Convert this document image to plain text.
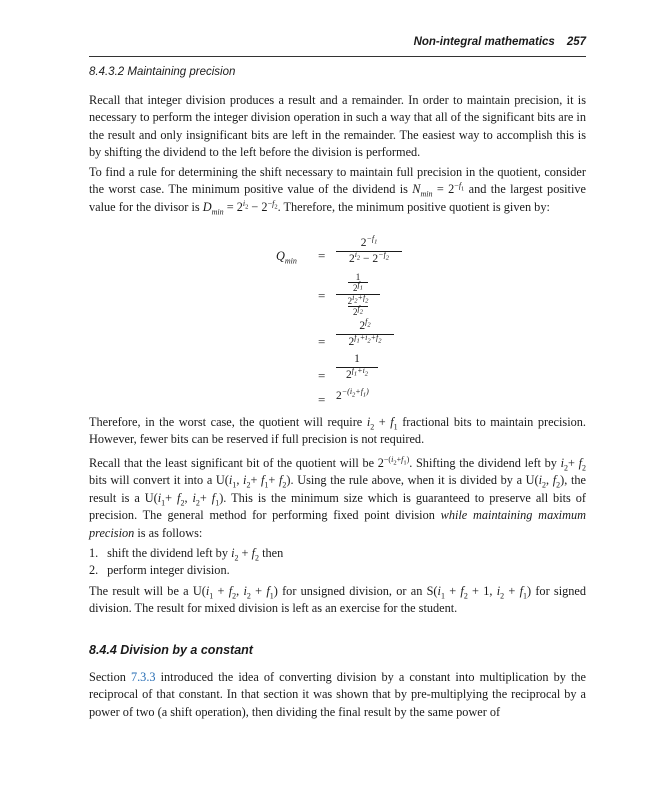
Non-integral mathematics 257
8.4.3.2 Maintaining precision

Recall that integer division produces a result and a remainder. In order to maintain precision, it is necessary to perform the integer division operation in such a way that all of the significant bits are in the result and only insignificant bits are left in the remainder. The easiest way to accomplish this is by shifting the dividend to the left before the division is performed.

To find a rule for determining the shift necessary to maintain full precision in the quotient, consider the worst case. The minimum positive value of the dividend is $N_{min} = 2^{-f_1}$ and the largest positive value for the divisor is $D_{min} = 2^{i_2} - 2^{-f_2}$. Therefore, the minimum positive quotient is given by:

$Q_{min}$ =
$2^{-f_1}$
$2^{i_2} - 2^{-f_2}$
=
1
$2^{f_1}$
$2^{i_2+f_2}$
$2^{f_2}$
=
$2^{f_2}$
$2^{f_1+i_2+f_2}$
=
1
$2^{f_1+i_2}$
= $2^{-(i_2+f_1)}$

Therefore, in the worst case, the quotient will require $i_2 + f_1$ fractional bits to maintain precision. However, fewer bits can be reserved if full precision is not required.

Recall that the least significant bit of the quotient will be $2^{-(i_2+f_1)}$. Shifting the dividend left by $i_2+ f_2$ bits will convert it into a $U(i_1$, $i_2+ f_1+ f_2$). Using the rule above, when it is divided by a $U(i_2$, $f_2$), the result is a $U(i_1+ f_2$, $i_2+ f_1$). This is the minimum size which is guaranteed to preserve all bits of precision. The general method for performing fixed point division while maintaining maximum precision is as follows:

1. shift the dividend left by $i_2 + f_2$ then
2. perform integer division.

The result will be a $U(i_1 + f_2$, $i_2 + f_1$) for unsigned division, or an $S(i_1 + f_2 + 1$, $i_2 + f_1$) for signed division. The result for mixed division is left as an exercise for the student.

8.4.4 Division by a constant

Section 7.3.3 introduced the idea of converting division by a constant into multiplication by the reciprocal of that constant. In that section it was shown that by pre-multiplying the reciprocal by a power of two (a shift operation), then dividing the final result by the same power of
